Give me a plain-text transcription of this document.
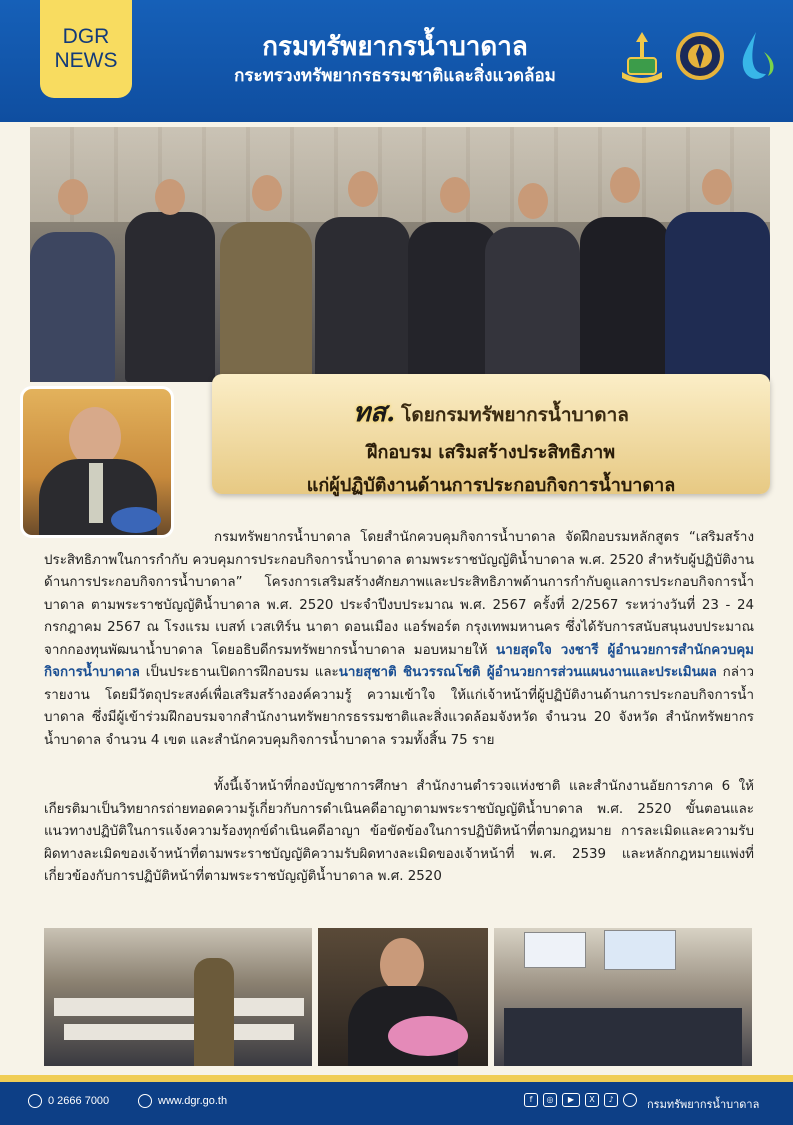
DGR
NEWS	กรมทรัพยากรน้ำบาดาล
กระทรวงทรัพยากรธรรมชาติและสิ่งแวดล้อม
ทส. โดยกรมทรัพยากรน้ำบาดาล
ฝึกอบรม เสริมสร้างประสิทธิภาพ
แก่ผู้ปฏิบัติงานด้านการประกอบกิจการน้ำบาดาล
กรมทรัพยากรน้ำบาดาล โดยสำนักควบคุมกิจการน้ำบาดาล จัดฝึกอบรมหลักสูตร “เสริมสร้างประสิทธิภาพในการกำกับ ควบคุมการประกอบกิจการน้ำบาดาล ตามพระราชบัญญัติน้ำบาดาล พ.ศ. 2520 สำหรับผู้ปฏิบัติงานด้านการประกอบกิจการน้ำบาดาล” โครงการเสริมสร้างศักยภาพและประสิทธิภาพด้านการกำกับดูแลการประกอบกิจการน้ำบาดาล ตามพระราชบัญญัติน้ำบาดาล พ.ศ. 2520 ประจำปีงบประมาณ พ.ศ. 2567 ครั้งที่ 2/2567 ระหว่างวันที่ 23 - 24 กรกฎาคม 2567 ณ โรงแรม เบสท์ เวสเทิร์น นาตา ดอนเมือง แอร์พอร์ต กรุงเทพมหานคร ซึ่งได้รับการสนับสนุนงบประมาณจากกองทุนพัฒนาน้ำบาดาล โดยอธิบดีกรมทรัพยากรน้ำบาดาล มอบหมายให้ นายสุดใจ วงชารี ผู้อำนวยการสำนักควบคุมกิจการน้ำบาดาล เป็นประธานเปิดการฝึกอบรม และนายสุชาติ ชินวรรณโชติ ผู้อำนวยการส่วนแผนงานและประเมินผล กล่าวรายงาน โดยมีวัตถุประสงค์เพื่อเสริมสร้างองค์ความรู้ ความเข้าใจ ให้แก่เจ้าหน้าที่ผู้ปฏิบัติงานด้านการประกอบกิจการน้ำบาดาล ซึ่งมีผู้เข้าร่วมฝึกอบรมจากสำนักงานทรัพยากรธรรมชาติและสิ่งแวดล้อมจังหวัด จำนวน 20 จังหวัด สำนักทรัพยากรน้ำบาดาล จำนวน 4 เขต และสำนักควบคุมกิจการน้ำบาดาล รวมทั้งสิ้น 75 ราย
ทั้งนี้เจ้าหน้าที่กองบัญชาการศึกษา สำนักงานตำรวจแห่งชาติ และสำนักงานอัยการภาค 6 ให้เกียรติมาเป็นวิทยากรถ่ายทอดความรู้เกี่ยวกับการดำเนินคดีอาญาตามพระราชบัญญัติน้ำบาดาล พ.ศ. 2520 ขั้นตอนและแนวทางปฏิบัติในการแจ้งความร้องทุกข์ดำเนินคดีอาญา ข้อขัดข้องในการปฏิบัติหน้าที่ตามกฎหมาย การละเมิดและความรับผิดทางละเมิดของเจ้าหน้าที่ตามพระราชบัญญัติความรับผิดทางละเมิดของเจ้าหน้าที่ พ.ศ. 2539 และหลักกฎหมายแพ่งที่เกี่ยวข้องกับการปฏิบัติหน้าที่ตามพระราชบัญญัติน้ำบาดาล พ.ศ. 2520
0 2666 7000	www.dgr.go.th	f	◎	▶	X	♪	กรมทรัพยากรน้ำบาดาล
